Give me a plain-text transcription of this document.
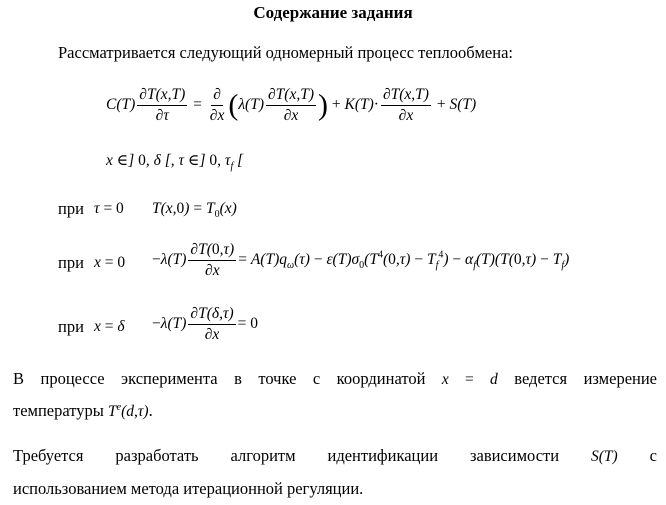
Содержание задания
Рассматривается следующий одномерный процесс теплообмена:
$C(T) \frac{\partial T(x,T)}{\partial\tau} = \frac{\partial}{\partial x} (\lambda(T) \frac{\partial T(x,T)}{\partial x}$ ) + $K(T)\cdot \frac{\partial T(x,T)}{\partial x} + S(T)$
x ∈] 0, δ [, τ ∈] 0, $\tau_f$ [
при τ = 0 $T(x,0) = T_0(x)$
при $x = 0 -\lambda(T) \frac{\partial T(0,\tau)}{\partial x} = A(T)q_\omega(\tau) - \varepsilon(T)\sigma_0(T^4(0,\tau) - T_f^4) - \alpha_f(T)(T(0,\tau) - T_f)$
при $x = \delta -\lambda(T) \frac{\partial T(\delta,\tau)}{\partial x} = 0$
В процессе эксперимента в точке с координатой x = d ведется измерение
температуры $T^e(d,\tau)$.
Требуется разработать алгоритм идентификации зависимости S(T) с
использованием метода итерационной регуляции.
